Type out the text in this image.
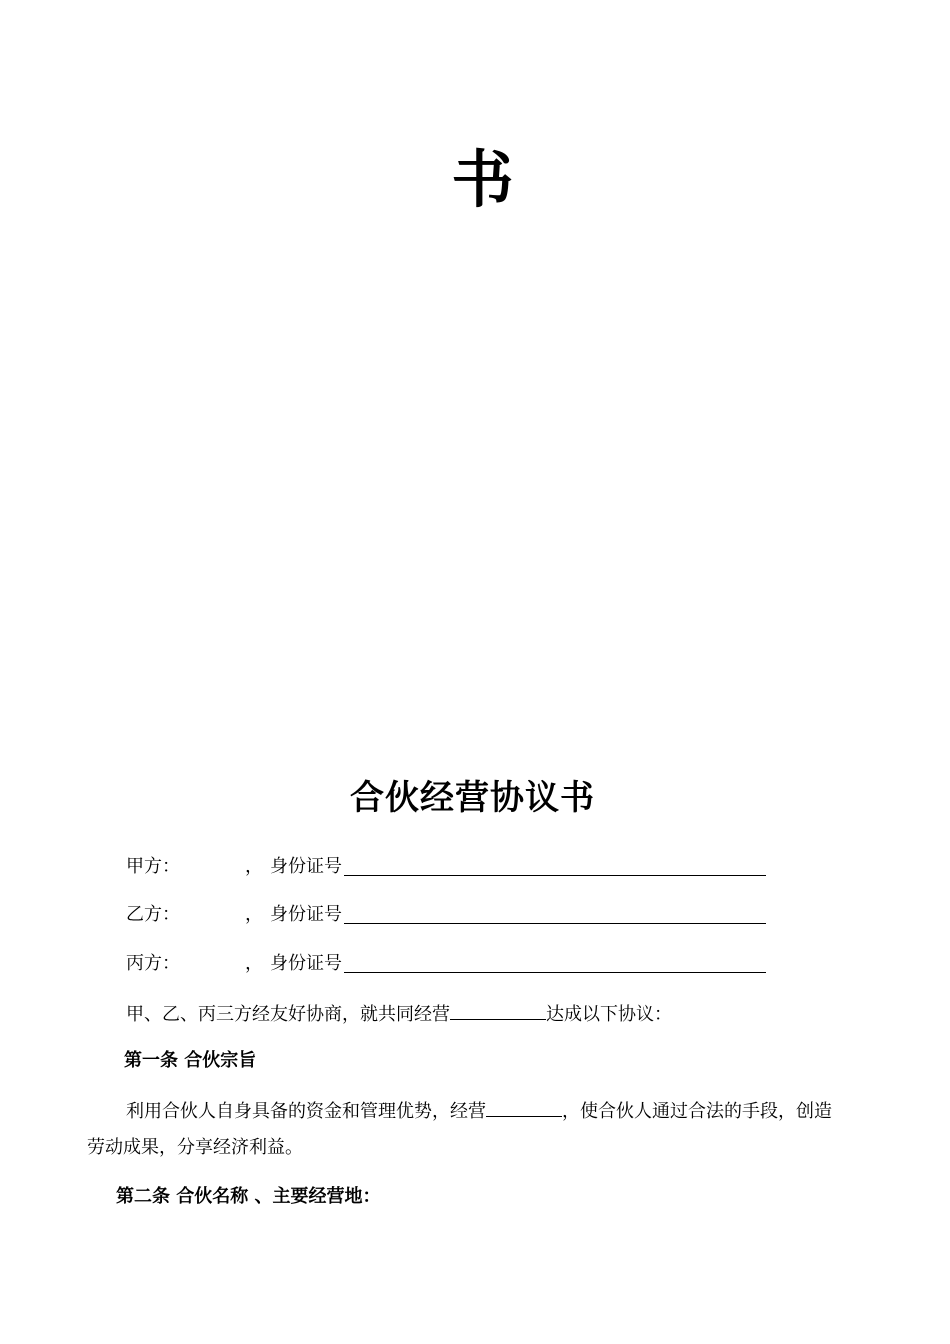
书
合伙经营协议书
甲方：	， 身份证号
乙方：	， 身份证号
丙方：	， 身份证号
甲、乙、丙三方经友好协商，就共同经营	达成以下协议：
第一条 合伙宗旨
利用合伙人自身具备的资金和管理优势，经营	，使合伙人通过合法的手段，创造
劳动成果，分享经济利益。
第二条 合伙名称 、主要经营地：
